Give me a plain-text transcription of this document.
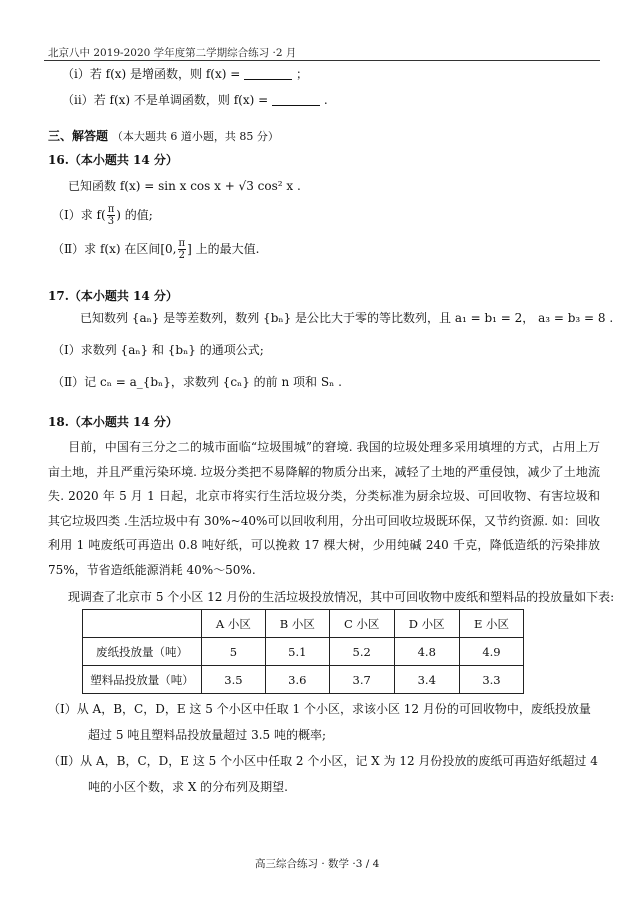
北京八中 2019-2020 学年度第二学期综合练习 ·2 月
（i）若 f(x) 是增函数，则 f(x) =	；
（ii）若 f(x) 不是单调函数，则 f(x) =	.
三、解答题 （本大题共 6 道小题，共 85 分）
16.（本小题共 14 分）
已知函数 f(x) = sin x cos x + √3 cos² x .
（Ⅰ）求 $f( \frac{\pi}{3}$ ) 的值;
（Ⅱ）求 f(x) 在区间[0, $\frac{\pi}{2}$ ] 上的最大值.
17.（本小题共 14 分）
已知数列 {aₙ} 是等差数列，数列 {bₙ} 是公比大于零的等比数列，且 a₁ = b₁ = 2， a₃ = b₃ = 8 .
（Ⅰ）求数列 {aₙ} 和 {bₙ} 的通项公式;
（Ⅱ）记 cₙ = a_{bₙ}，求数列 {cₙ} 的前 n 项和 Sₙ .
18.（本小题共 14 分）
目前，中国有三分之二的城市面临“垃圾围城”的窘境. 我国的垃圾处理多采用填埋的方式，占用上万亩土地，并且严重污染环境. 垃圾分类把不易降解的物质分出来，减轻了土地的严重侵蚀，减少了土地流失. 2020 年 5 月 1 日起，北京市将实行生活垃圾分类，分类标准为厨余垃圾、可回收物、有害垃圾和其它垃圾四类 .生活垃圾中有 30%~40%可以回收利用，分出可回收垃圾既环保，又节约资源. 如：回收利用 1 吨废纸可再造出 0.8 吨好纸，可以挽救 17 棵大树，少用纯碱 240 千克，降低造纸的污染排放 75%，节省造纸能源消耗 40%～50%.
现调查了北京市 5 个小区 12 月份的生活垃圾投放情况，其中可回收物中废纸和塑料品的投放量如下表:
	A 小区	B 小区	C 小区	D 小区	E 小区
废纸投放量（吨）	5	5.1	5.2	4.8	4.9
塑料品投放量（吨）	3.5	3.6	3.7	3.4	3.3
（Ⅰ）从 A，B，C，D，E 这 5 个小区中任取 1 个小区，求该小区 12 月份的可回收物中，废纸投放量超过 5 吨且塑料品投放量超过 3.5 吨的概率;
（Ⅱ）从 A，B，C，D，E 这 5 个小区中任取 2 个小区，记 X 为 12 月份投放的废纸可再造好纸超过 4 吨的小区个数，求 X 的分布列及期望.
高三综合练习 · 数学 ·3 / 4
